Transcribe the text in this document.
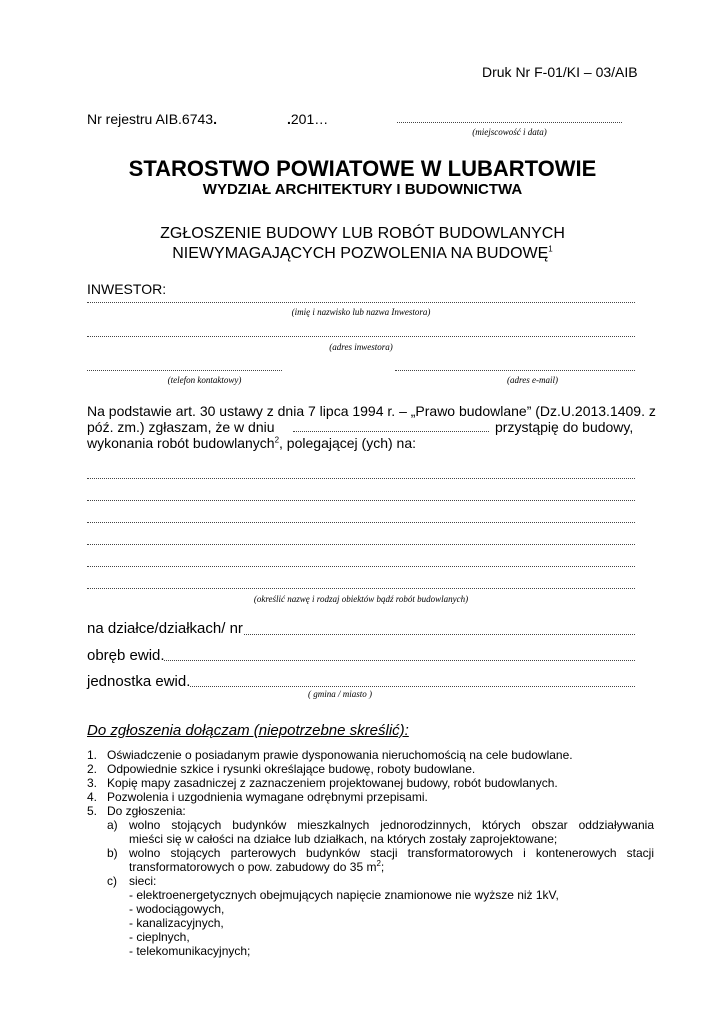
Druk Nr F-01/KI – 03/AIB
Nr rejestru AIB.6743.	.201…
(miejscowość i data)
STAROSTWO POWIATOWE W LUBARTOWIE
WYDZIAŁ ARCHITEKTURY I BUDOWNICTWA
ZGŁOSZENIE BUDOWY LUB ROBÓT BUDOWLANYCH
NIEWYMAGAJĄCYCH POZWOLENIA NA BUDOWĘ$^1$
INWESTOR:
(imię i nazwisko lub nazwa Inwestora)
(adres inwestora)
(telefon kontaktowy)	(adres e-mail)
Na podstawie art. 30 ustawy z dnia 7 lipca 1994 r. – „Prawo budowlane” (Dz.U.2013.1409. z
póź. zm.) zgłaszam, że w dniu	przystąpię do budowy,
wykonania robót budowlanych$^2$, polegającej (ych) na:
(określić nazwę i rodzaj obiektów bądź robót budowlanych)
na działce/działkach/ nr
obręb ewid.
jednostka ewid.
( gmina / miasto )
Do zgłoszenia dołączam (niepotrzebne skreślić):
1. Oświadczenie o posiadanym prawie dysponowania nieruchomością na cele budowlane.
2. Odpowiednie szkice i rysunki określające budowę, roboty budowlane.
3. Kopię mapy zasadniczej z zaznaczeniem projektowanej budowy, robót budowlanych.
4. Pozwolenia i uzgodnienia wymagane odrębnymi przepisami.
5. Do zgłoszenia:
a) wolno stojących budynków mieszkalnych jednorodzinnych, których obszar oddziaływania
mieści się w całości na działce lub działkach, na których zostały zaprojektowane;
b) wolno stojących parterowych budynków stacji transformatorowych i kontenerowych stacji
transformatorowych o pow. zabudowy do 35 $m^2$;
c) sieci:
- elektroenergetycznych obejmujących napięcie znamionowe nie wyższe niż 1kV,
- wodociągowych,
- kanalizacyjnych,
- cieplnych,
- telekomunikacyjnych;
